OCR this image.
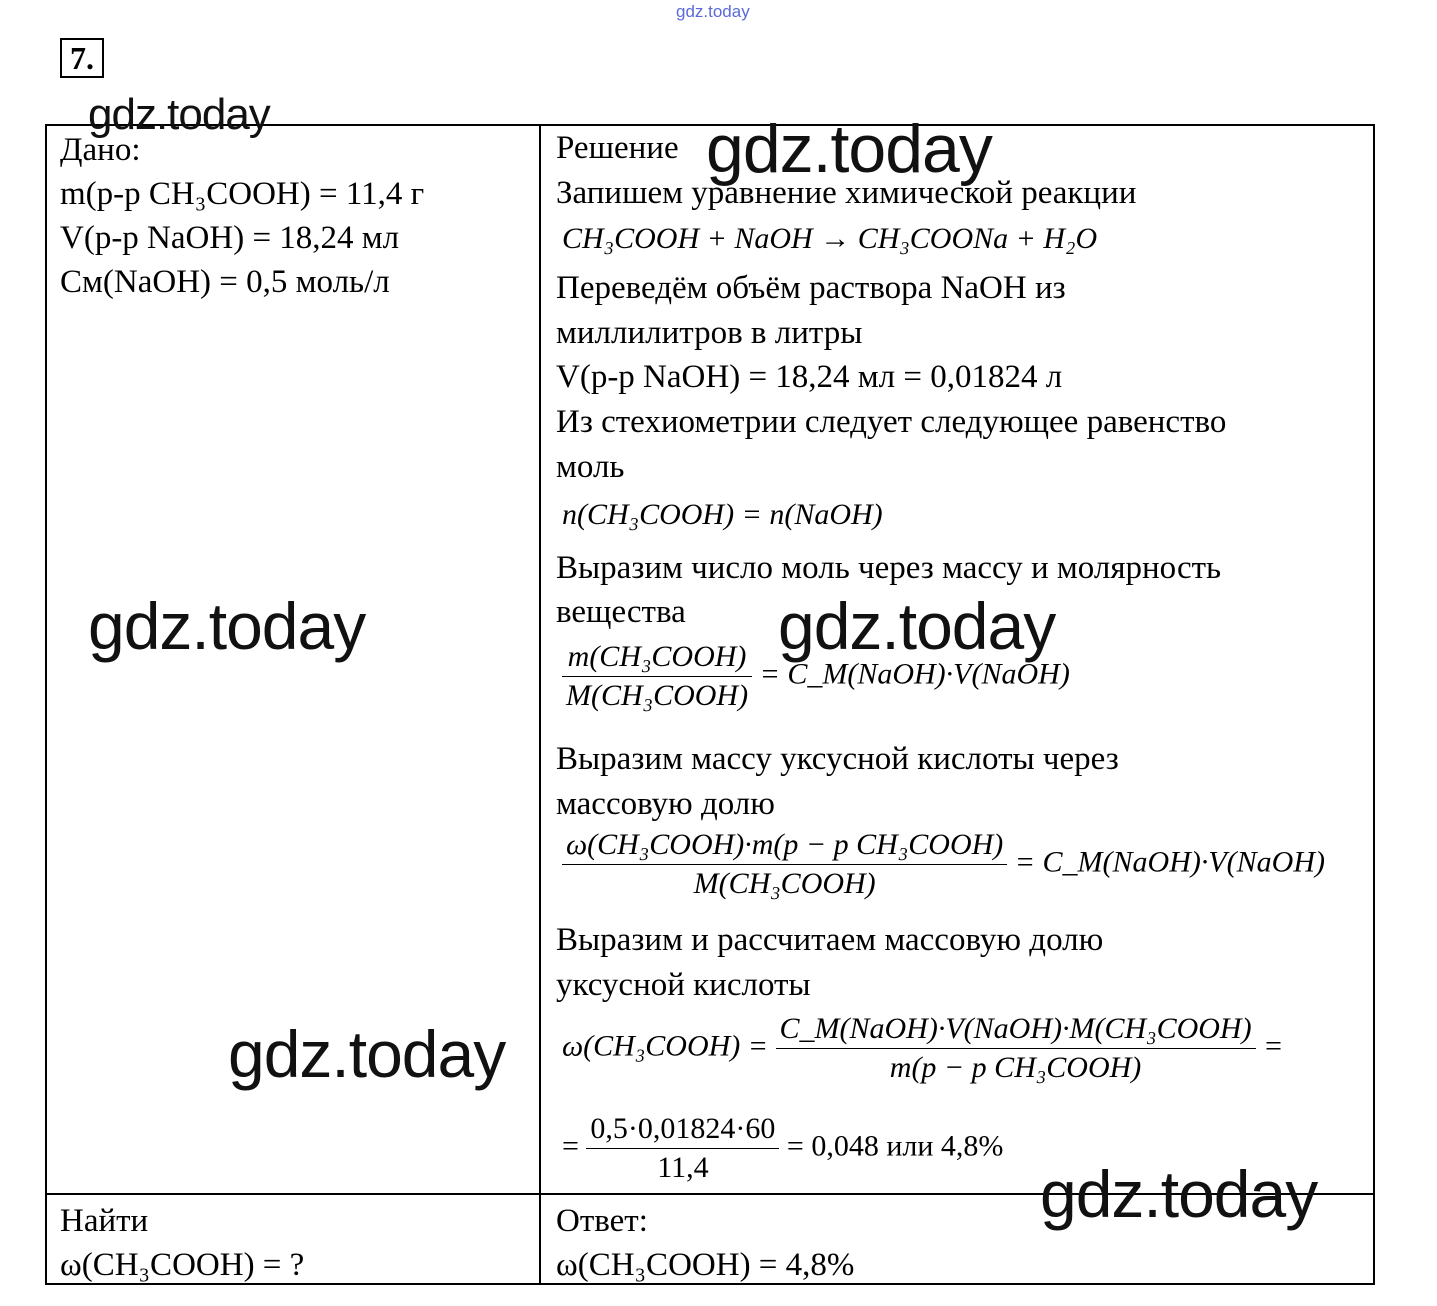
gdz.today
7.
Дано:
m(р-р CH₃COOH) = 11,4 г
V(р-р NaOH) = 18,24 мл
Cм(NaOH) = 0,5 моль/л
Найти
ω(CH₃COOH) = ?
Ответ:
ω(CH₃COOH) = 4,8%
Решение
Запишем уравнение химической реакции
CH₃COOH + NaOH → CH₃COONa + H₂O
Переведём объём раствора NaOH из
миллилитров в литры
V(р-р NaOH) = 18,24 мл = 0,01824 л
Из стехиометрии следует следующее равенство
моль
n(CH₃COOH) = n(NaOH)
Выразим число моль через массу и молярность
вещества
$\frac{\text{m(CH₃COOH)}}{\text{M(CH₃COOH)}}$ = C_M(NaOH)·V(NaOH)
Выразим массу уксусной кислоты через
массовую долю
$\frac{\text{ω(CH₃COOH)·m(p − p CH₃COOH)}}{\text{M(CH₃COOH)}}$ = C_M(NaOH)·V(NaOH)
Выразим и рассчитаем массовую долю
уксусной кислоты
ω(CH₃COOH) = $\frac{\text{C\_M(NaOH)·V(NaOH)·M(CH₃COOH)}}{\text{m(p − p CH₃COOH)}}$ =
= $\frac{0,5\cdot 0,01824\cdot 60}{11,4} = 0,048$ или 4,8%
gdz.today	gdz.today
gdz.today	gdz.today
gdz.today
gdz.today
